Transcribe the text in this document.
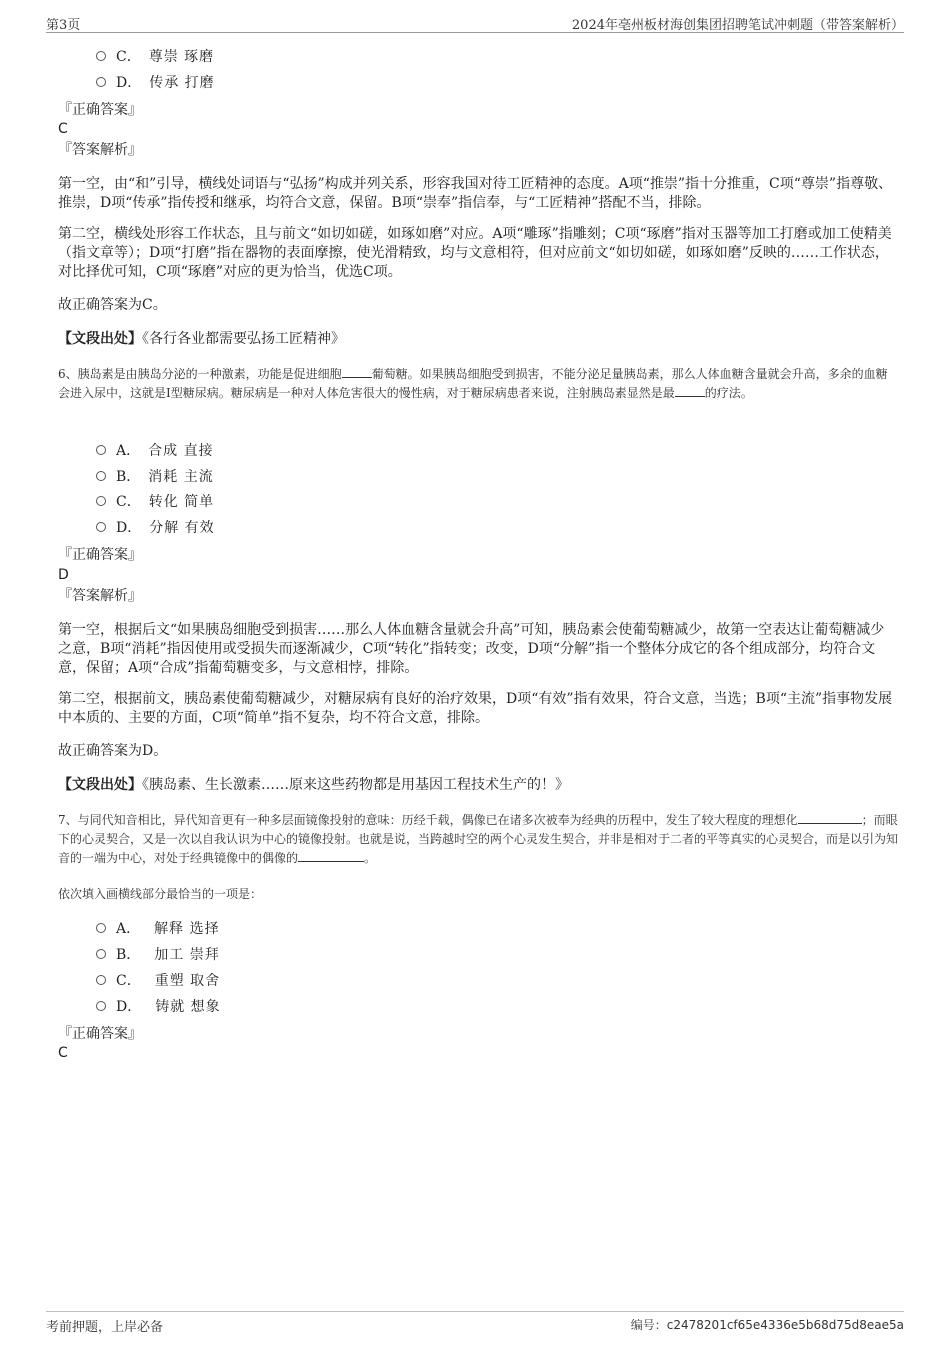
第3页	2024年亳州板材海创集团招聘笔试冲刺题（带答案解析）
C． 尊崇 琢磨
D． 传承 打磨
『正确答案』
C
『答案解析』
第一空，由“和”引导，横线处词语与“弘扬”构成并列关系，形容我国对待工匠精神的态度。A项“推崇”指十分推重，C项“尊崇”指尊敬、推崇，D项“传承”指传授和继承，均符合文意，保留。B项“崇奉”指信奉，与“工匠精神”搭配不当，排除。
第二空，横线处形容工作状态，且与前文“如切如磋，如琢如磨”对应。A项“雕琢”指雕刻；C项“琢磨”指对玉器等加工打磨或加工使精美（指文章等）；D项“打磨”指在器物的表面摩擦，使光滑精致，均与文意相符，但对应前文“如切如磋，如琢如磨”反映的……工作状态，对比择优可知，C项“琢磨”对应的更为恰当，优选C项。
故正确答案为C。
【文段出处】《各行各业都需要弘扬工匠精神》
6、胰岛素是由胰岛分泌的一种激素，功能是促进细胞	葡萄糖。如果胰岛细胞受到损害，不能分泌足量胰岛素，那么人体血糖含量就会升高，多余的血糖会进入尿中，这就是I型糖尿病。糖尿病是一种对人体危害很大的慢性病，对于糖尿病患者来说，注射胰岛素显然是最	的疗法。
A． 合成 直接
B． 消耗 主流
C． 转化 简单
D． 分解 有效
『正确答案』
D
『答案解析』
第一空，根据后文“如果胰岛细胞受到损害……那么人体血糖含量就会升高”可知，胰岛素会使葡萄糖减少，故第一空表达让葡萄糖减少之意，B项“消耗”指因使用或受损失而逐渐减少，C项“转化”指转变；改变，D项“分解”指一个整体分成它的各个组成部分，均符合文意，保留；A项“合成”指葡萄糖变多，与文意相悖，排除。
第二空，根据前文，胰岛素使葡萄糖减少，对糖尿病有良好的治疗效果，D项“有效”指有效果，符合文意，当选；B项“主流”指事物发展中本质的、主要的方面，C项“简单”指不复杂，均不符合文意，排除。
故正确答案为D。
【文段出处】《胰岛素、生长激素……原来这些药物都是用基因工程技术生产的！》
7、与同代知音相比，异代知音更有一种多层面镜像投射的意味：历经千载，偶像已在诸多次被奉为经典的历程中，发生了较大程度的理想化	；而眼下的心灵契合，又是一次以自我认识为中心的镜像投射。也就是说，当跨越时空的两个心灵发生契合，并非是相对于二者的平等真实的心灵契合，而是以引为知音的一端为中心，对处于经典镜像中的偶像的	。
依次填入画横线部分最恰当的一项是：
A． 解释 选择
B． 加工 崇拜
C． 重塑 取舍
D． 铸就 想象
『正确答案』
C
考前押题，上岸必备	编号：c2478201cf65e4336e5b68d75d8eae5a
